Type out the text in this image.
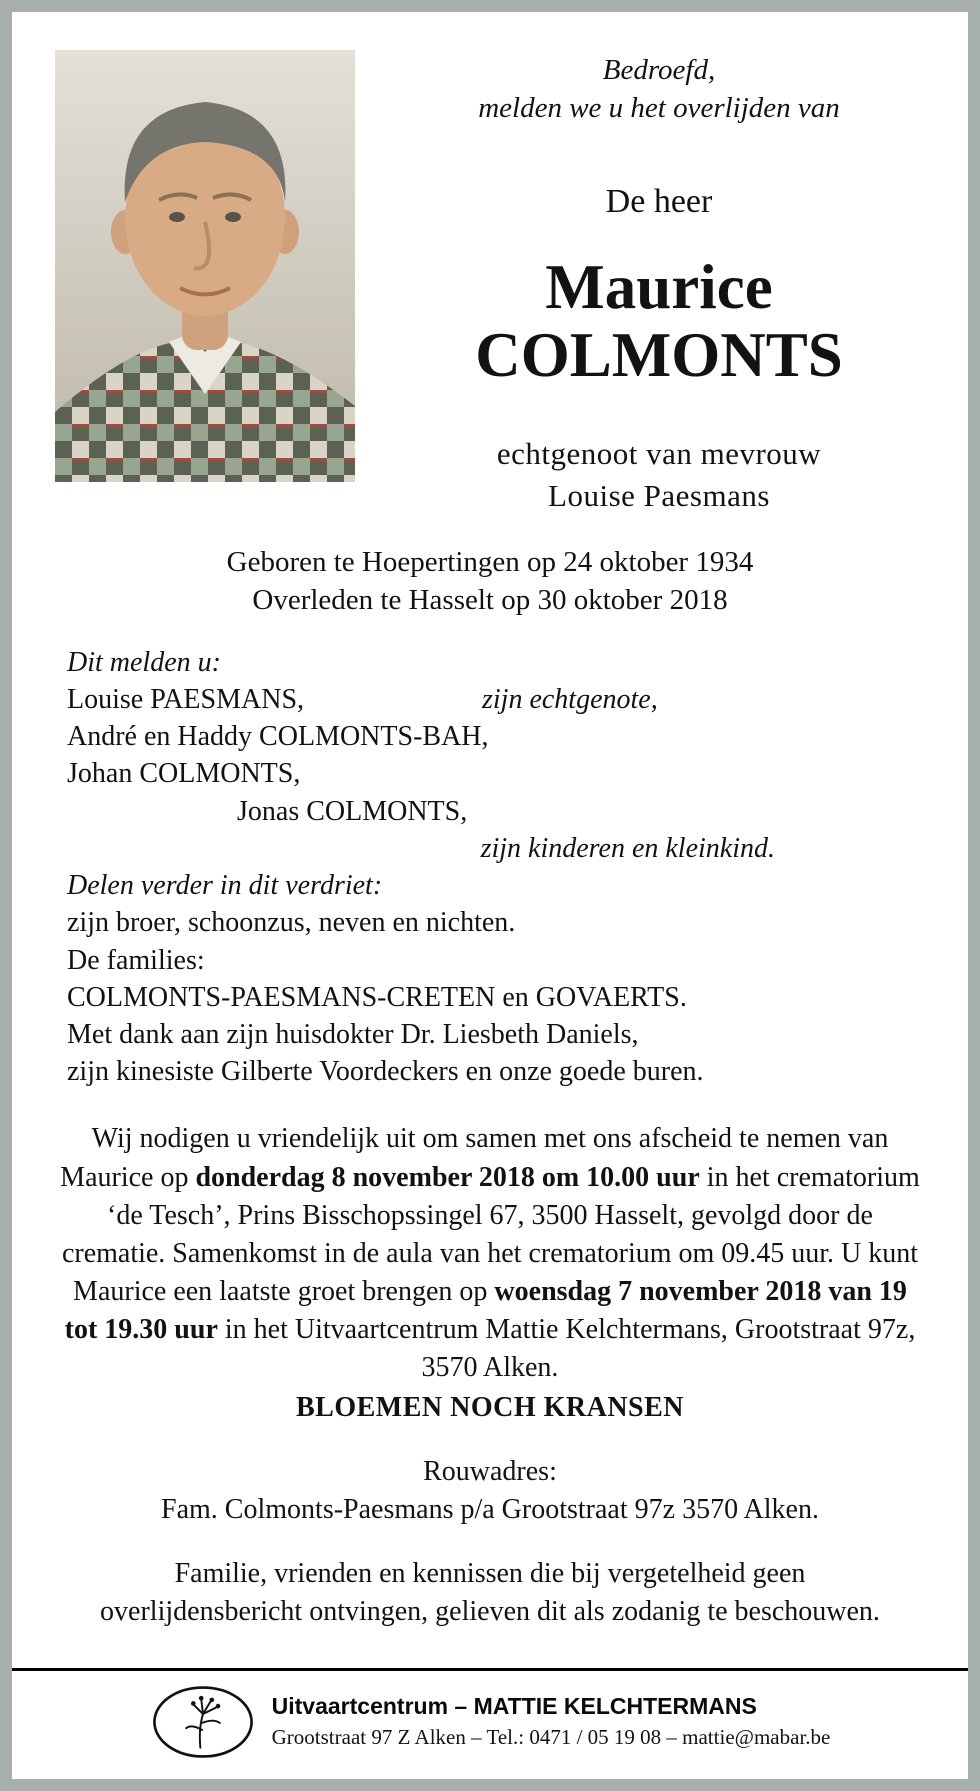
Bedroefd,
melden we u het overlijden van
De heer
Maurice
COLMONTS
echtgenoot van mevrouw
Louise Paesmans
Geboren te Hoepertingen op 24 oktober 1934
Overleden te Hasselt op 30 oktober 2018
Dit melden u:
Louise PAESMANS,	zijn echtgenote,
André en Haddy COLMONTS-BAH,
Johan COLMONTS,
Jonas COLMONTS,
zijn kinderen en kleinkind.
Delen verder in dit verdriet:
zijn broer, schoonzus, neven en nichten.
De families:
COLMONTS-PAESMANS-CRETEN en GOVAERTS.
Met dank aan zijn huisdokter Dr. Liesbeth Daniels,
zijn kinesiste Gilberte Voordeckers en onze goede buren.

Wij nodigen u vriendelijk uit om samen met ons afscheid te nemen van Maurice op donderdag 8 november 2018 om 10.00 uur in het crematorium ‘de Tesch’, Prins Bisschopssingel 67, 3500 Hasselt, gevolgd door de crematie. Samenkomst in de aula van het crematorium om 09.45 uur. U kunt Maurice een laatste groet brengen op woensdag 7 november 2018 van 19 tot 19.30 uur in het Uitvaartcentrum Mattie Kelchtermans, Grootstraat 97z, 3570 Alken.

BLOEMEN NOCH KRANSEN
Rouwadres:
Fam. Colmonts-Paesmans p/a Grootstraat 97z 3570 Alken.
Familie, vrienden en kennissen die bij vergetelheid geen overlijdensbericht ontvingen, gelieven dit als zodanig te beschouwen.
Uitvaartcentrum – MATTIE KELCHTERMANS
Grootstraat 97 Z Alken – Tel.: 0471 / 05 19 08 – mattie@mabar.be
